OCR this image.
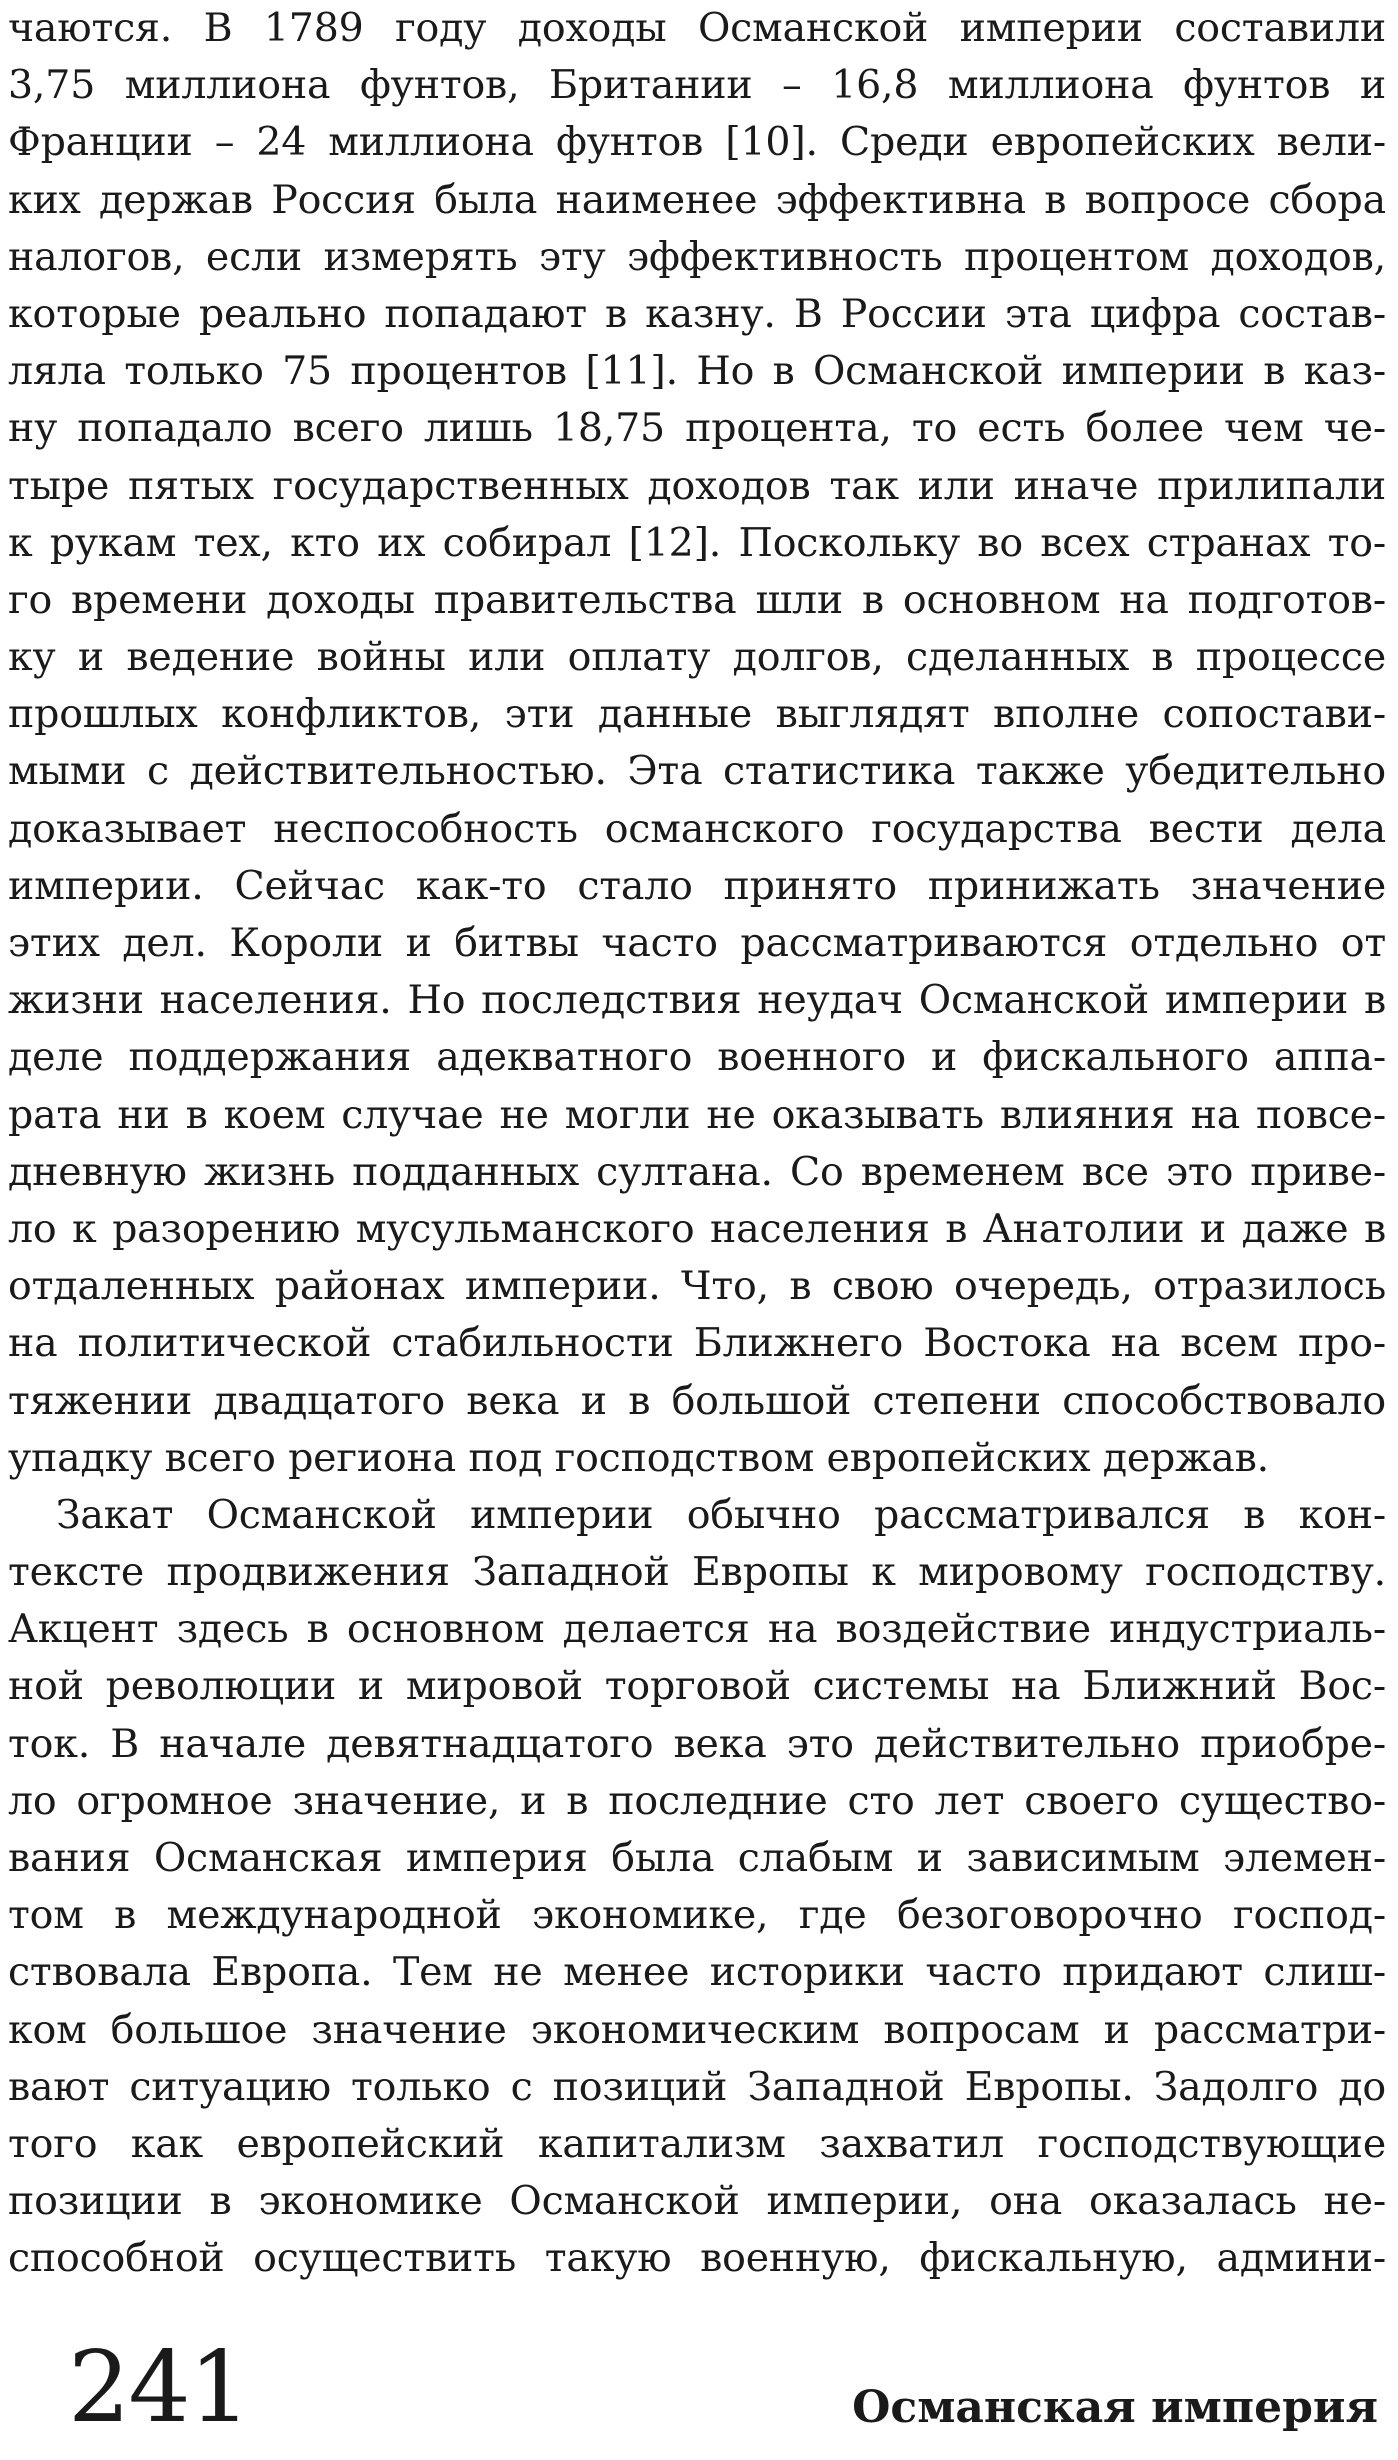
чаются. В 1789 году доходы Османской империи составили
3,75 миллиона фунтов, Британии – 16,8 миллиона фунтов и
Франции – 24 миллиона фунтов [10]. Среди европейских вели-
ких держав Россия была наименее эффективна в вопросе сбора
налогов, если измерять эту эффективность процентом доходов,
которые реально попадают в казну. В России эта цифра состав-
ляла только 75 процентов [11]. Но в Османской империи в каз-
ну попадало всего лишь 18,75 процента, то есть более чем че-
тыре пятых государственных доходов так или иначе прилипали
к рукам тех, кто их собирал [12]. Поскольку во всех странах то-
го времени доходы правительства шли в основном на подготов-
ку и ведение войны или оплату долгов, сделанных в процессе
прошлых конфликтов, эти данные выглядят вполне сопостави-
мыми с действительностью. Эта статистика также убедительно
доказывает неспособность османского государства вести дела
империи. Сейчас как-то стало принято принижать значение
этих дел. Короли и битвы часто рассматриваются отдельно от
жизни населения. Но последствия неудач Османской империи в
деле поддержания адекватного военного и фискального аппа-
рата ни в коем случае не могли не оказывать влияния на повсе-
дневную жизнь подданных султана. Со временем все это приве-
ло к разорению мусульманского населения в Анатолии и даже в
отдаленных районах империи. Что, в свою очередь, отразилось
на политической стабильности Ближнего Востока на всем про-
тяжении двадцатого века и в большой степени способствовало
упадку всего региона под господством европейских держав.
Закат Османской империи обычно рассматривался в кон-
тексте продвижения Западной Европы к мировому господству.
Акцент здесь в основном делается на воздействие индустриаль-
ной революции и мировой торговой системы на Ближний Вос-
ток. В начале девятнадцатого века это действительно приобре-
ло огромное значение, и в последние сто лет своего существо-
вания Османская империя была слабым и зависимым элемен-
том в международной экономике, где безоговорочно господ-
ствовала Европа. Тем не менее историки часто придают слиш-
ком большое значение экономическим вопросам и рассматри-
вают ситуацию только с позиций Западной Европы. Задолго до
того как европейский капитализм захватил господствующие
позиции в экономике Османской империи, она оказалась не-
способной осуществить такую военную, фискальную, админи-
241	Османская империя
